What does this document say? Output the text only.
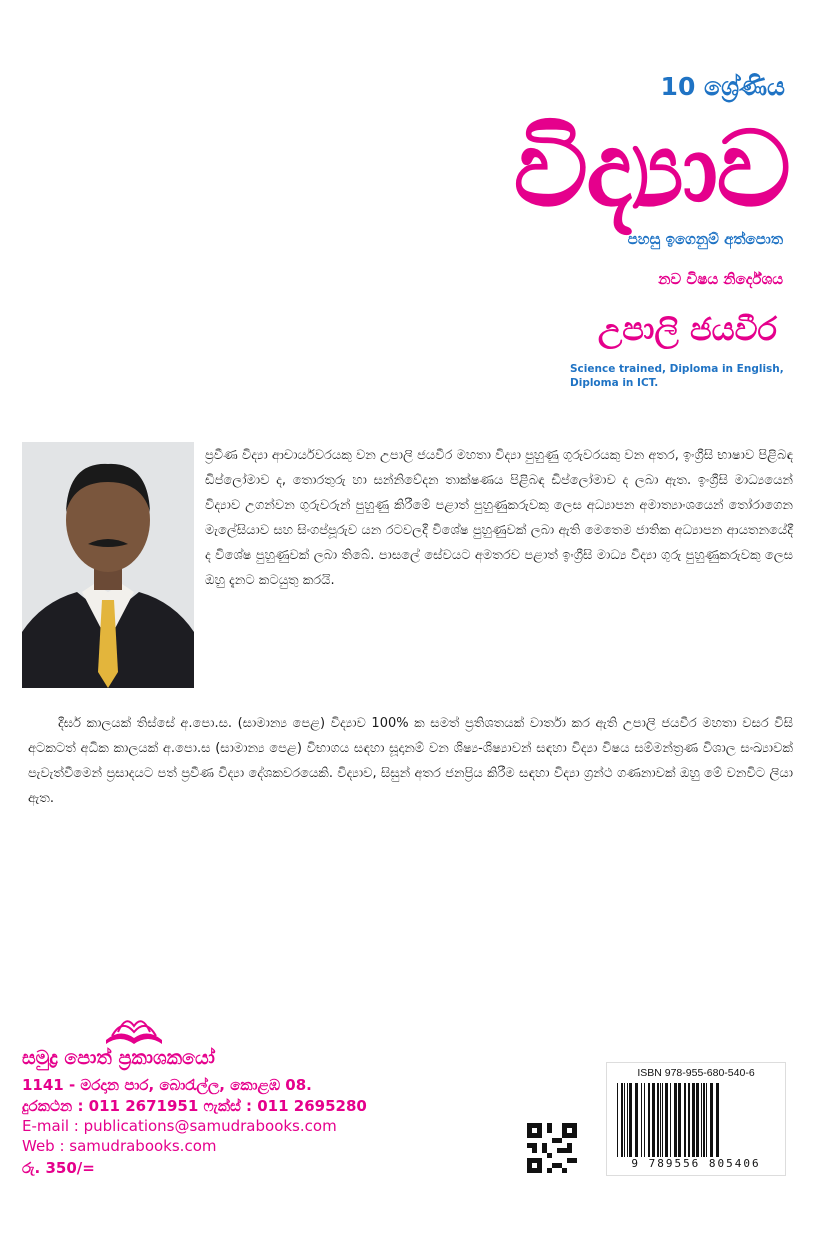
10 ශ්‍රේණිය
විද්‍යාව
පහසු ඉගෙනුම් අත්පොත
නව විෂය නිර්දේශය
උපාලි ජයවීර
Science trained, Diploma in English, Diploma in ICT.
ප්‍රවීණ විද්‍යා ආචාර්යවරයකු වන උපාලි ජයවීර මහතා විද්‍යා පුහුණු ගුරුවරයකු වන අතර, ඉංග්‍රීසි භාෂාව පිළිබඳ ඩිප්ලෝමාව ද, තොරතුරු හා සන්නිවේදන තාක්ෂණය පිළිබඳ ඩිප්ලෝමාව ද ලබා ඇත. ඉංග්‍රීසි මාධ්‍යයෙන් විද්‍යාව උගන්වන ගුරුවරුන් පුහුණු කිරීමේ පළාත් පුහුණුකරුවකු ලෙස අධ්‍යාපන අමාත්‍යාංශයෙන් තෝරාගෙන මැලේසියාව සහ සිංගප්පූරුව යන රටවලදී විශේෂ පුහුණුවක් ලබා ඇති මෙතෙම ජාතික අධ්‍යාපන ආයතනයේදී ද විශේෂ පුහුණුවක් ලබා තිබේ. පාසලේ සේවයට අමතරව පළාත් ඉංග්‍රීසි මාධ්‍ය විද්‍යා ගුරු පුහුණුකරුවකු ලෙස ඔහු දැනට කටයුතු කරයි.
දීර්ඝ කාලයක් තිස්සේ අ.පො.ස. (සාමාන්‍ය පෙළ) විද්‍යාව 100% ක සමත් ප්‍රතිශතයක් වාර්තා කර ඇති උපාලි ජයවීර මහතා වසර විසි අටකටත් අධික කාලයක් අ.පො.ස (සාමාන්‍ය පෙළ) විභාගය සඳහා සූදානම් වන ශිෂ්‍ය-ශිෂ්‍යාවන් සඳහා විද්‍යා විෂය සම්මන්ත්‍රණ විශාල සංඛ්‍යාවක් පැවැත්වීමෙන් ප්‍රසාදයට පත් ප්‍රවීණ විද්‍යා දේශකවරයෙකි. විද්‍යාව, සිසුන් අතර ජනප්‍රිය කිරීම සඳහා විද්‍යා ග්‍රන්ථ ගණනාවක් ඔහු මේ වනවිට ලියා ඇත.
සමුද්‍ර පොත් ප්‍රකාශකයෝ
1141 - මරදාන පාර, බොරැල්ල, කොළඹ 08.
දුරකථන : 011 2671951 ෆැක්ස් : 011 2695280
E-mail : publications@samudrabooks.com
Web : samudrabooks.com
රු. 350/=
ISBN 978-955-680-540-6
9 789556 805406
